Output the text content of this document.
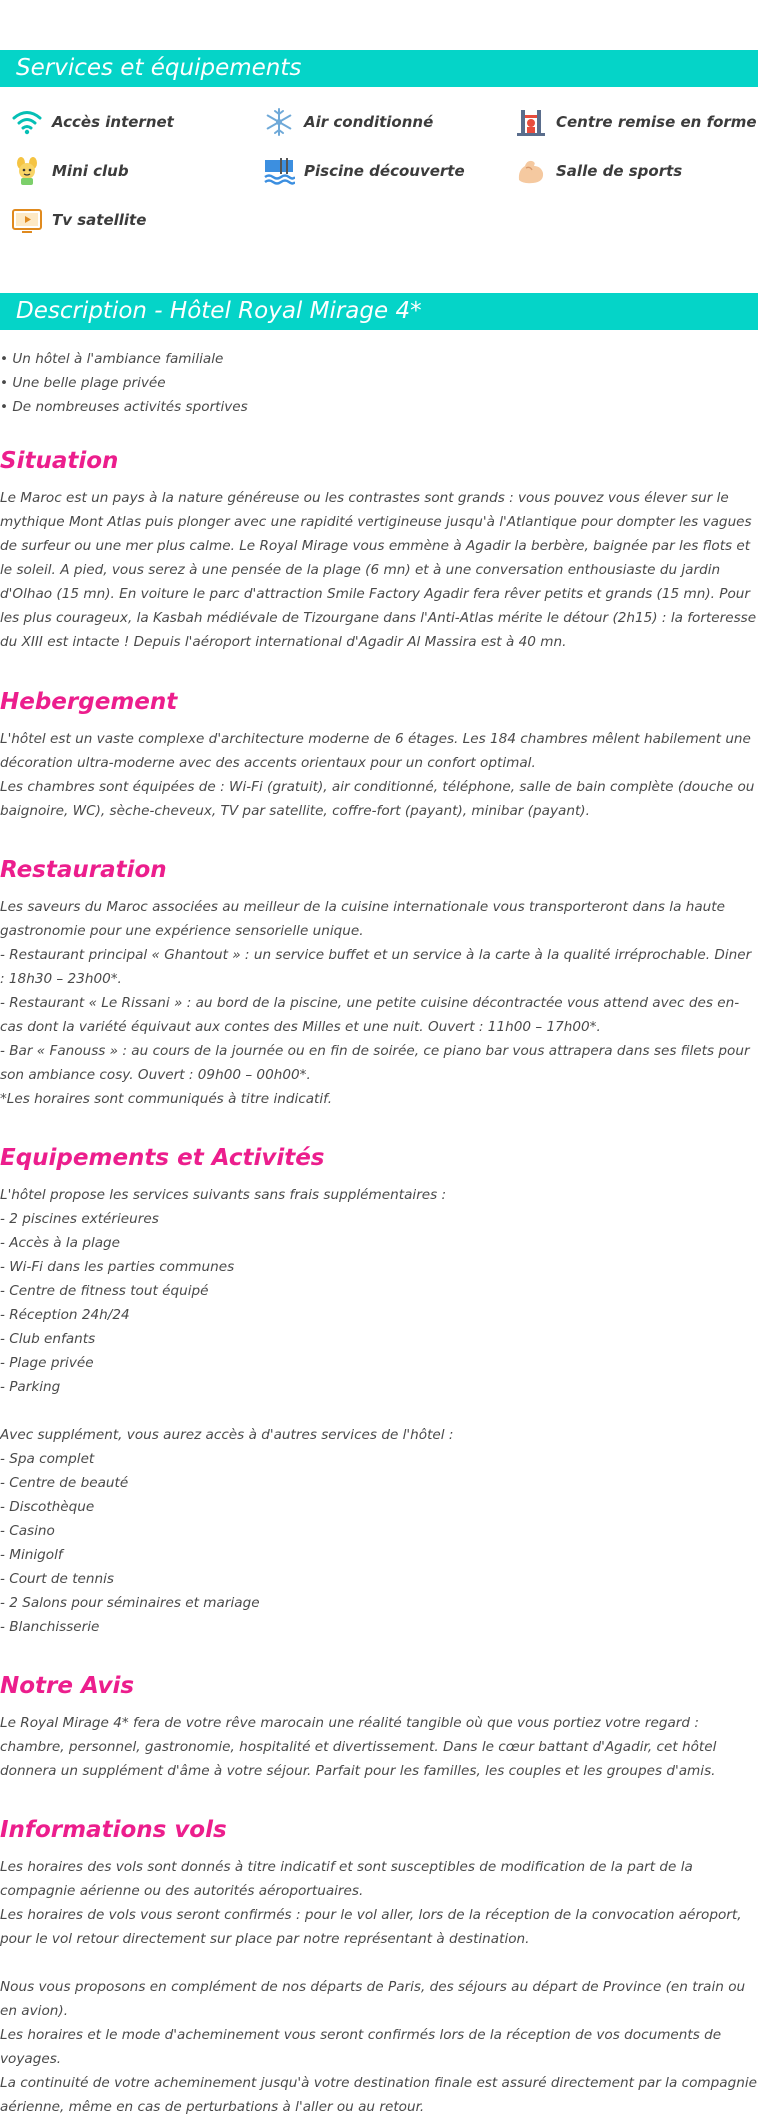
Services et équipements
Accès internet	Air conditionné	Centre remise en forme
Mini club	Piscine découverte	Salle de sports
Tv satellite
Description - Hôtel Royal Mirage 4*
• Un hôtel à l'ambiance familiale
• Une belle plage privée
• De nombreuses activités sportives
Situation

Le Maroc est un pays à la nature généreuse ou les contrastes sont grands : vous pouvez vous élever sur le mythique Mont Atlas puis plonger avec une rapidité vertigineuse jusqu'à l'Atlantique pour dompter les vagues de surfeur ou une mer plus calme. Le Royal Mirage vous emmène à Agadir la berbère, baignée par les flots et le soleil. A pied, vous serez à une pensée de la plage (6 mn) et à une conversation enthousiaste du jardin d'Olhao (15 mn). En voiture le parc d'attraction Smile Factory Agadir fera rêver petits et grands (15 mn). Pour les plus courageux, la Kasbah médiévale de Tizourgane dans l'Anti-Atlas mérite le détour (2h15) : la forteresse du XIII est intacte ! Depuis l'aéroport international d'Agadir Al Massira est à 40 mn.

Hebergement

L'hôtel est un vaste complexe d'architecture moderne de 6 étages. Les 184 chambres mêlent habilement une décoration ultra-moderne avec des accents orientaux pour un confort optimal.

Les chambres sont équipées de : Wi-Fi (gratuit), air conditionné, téléphone, salle de bain complète (douche ou baignoire, WC), sèche-cheveux, TV par satellite, coffre-fort (payant), minibar (payant).

Restauration

Les saveurs du Maroc associées au meilleur de la cuisine internationale vous transporteront dans la haute gastronomie pour une expérience sensorielle unique.

- Restaurant principal « Ghantout » : un service buffet et un service à la carte à la qualité irréprochable. Diner : 18h30 – 23h00*.

- Restaurant « Le Rissani » : au bord de la piscine, une petite cuisine décontractée vous attend avec des en-cas dont la variété équivaut aux contes des Milles et une nuit. Ouvert : 11h00 – 17h00*.

- Bar « Fanouss » : au cours de la journée ou en fin de soirée, ce piano bar vous attrapera dans ses filets pour son ambiance cosy. Ouvert : 09h00 – 00h00*.

*Les horaires sont communiqués à titre indicatif.

Equipements et Activités

L'hôtel propose les services suivants sans frais supplémentaires :

- 2 piscines extérieures
- Accès à la plage
- Wi-Fi dans les parties communes
- Centre de fitness tout équipé
- Réception 24h/24
- Club enfants
- Plage privée
- Parking

Avec supplément, vous aurez accès à d'autres services de l'hôtel :

- Spa complet
- Centre de beauté
- Discothèque
- Casino
- Minigolf
- Court de tennis
- 2 Salons pour séminaires et mariage
- Blanchisserie
Notre Avis

Le Royal Mirage 4* fera de votre rêve marocain une réalité tangible où que vous portiez votre regard : chambre, personnel, gastronomie, hospitalité et divertissement. Dans le cœur battant d'Agadir, cet hôtel donnera un supplément d'âme à votre séjour. Parfait pour les familles, les couples et les groupes d'amis.

Informations vols

Les horaires des vols sont donnés à titre indicatif et sont susceptibles de modification de la part de la compagnie aérienne ou des autorités aéroportuaires.

Les horaires de vols vous seront confirmés : pour le vol aller, lors de la réception de la convocation aéroport, pour le vol retour directement sur place par notre représentant à destination.

Nous vous proposons en complément de nos départs de Paris, des séjours au départ de Province (en train ou en avion).

Les horaires et le mode d'acheminement vous seront confirmés lors de la réception de vos documents de voyages.

La continuité de votre acheminement jusqu'à votre destination finale est assuré directement par la compagnie aérienne, même en cas de perturbations à l'aller ou au retour.
